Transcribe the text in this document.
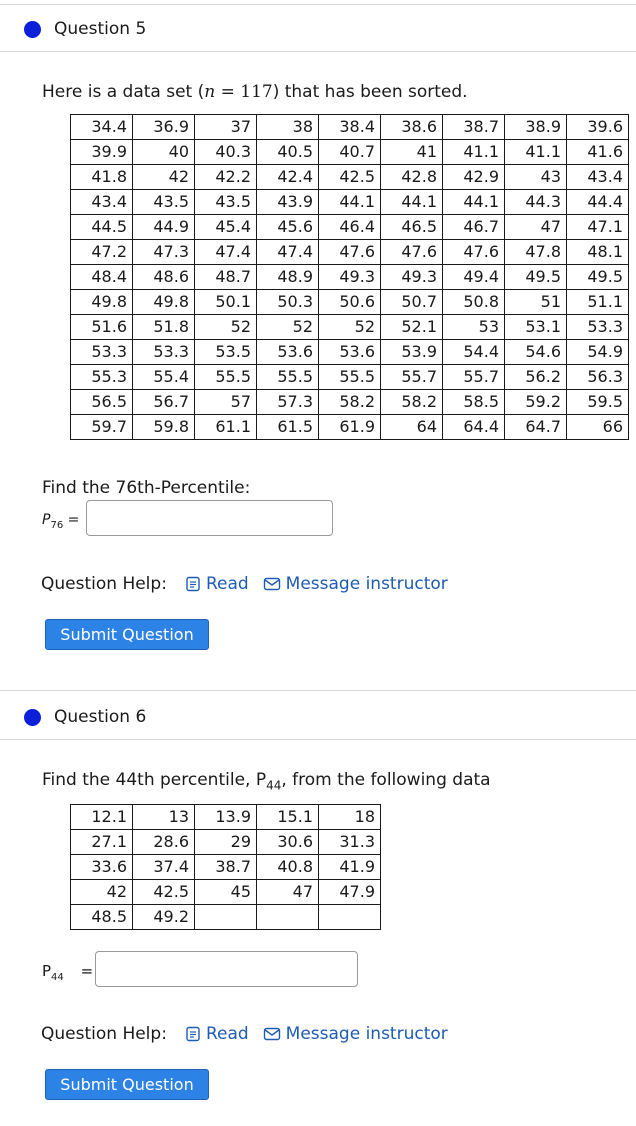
Question 5
Here is a data set (n = 117) that has been sorted.
34.4	36.9	37	38	38.4	38.6	38.7	38.9	39.6
39.9	40	40.3	40.5	40.7	41	41.1	41.1	41.6
41.8	42	42.2	42.4	42.5	42.8	42.9	43	43.4
43.4	43.5	43.5	43.9	44.1	44.1	44.1	44.3	44.4
44.5	44.9	45.4	45.6	46.4	46.5	46.7	47	47.1
47.2	47.3	47.4	47.4	47.6	47.6	47.6	47.8	48.1
48.4	48.6	48.7	48.9	49.3	49.3	49.4	49.5	49.5
49.8	49.8	50.1	50.3	50.6	50.7	50.8	51	51.1
51.6	51.8	52	52	52	52.1	53	53.1	53.3
53.3	53.3	53.5	53.6	53.6	53.9	54.4	54.6	54.9
55.3	55.4	55.5	55.5	55.5	55.7	55.7	56.2	56.3
56.5	56.7	57	57.3	58.2	58.2	58.5	59.2	59.5
59.7	59.8	61.1	61.5	61.9	64	64.4	64.7	66
Find the 76th-Percentile:
$P_{76}$ =
Question Help: Read Message instructor
Submit Question
Question 6
Find the 44th percentile, $P_{44}$, from the following data
12.1	13	13.9	15.1	18
27.1	28.6	29	30.6	31.3
33.6	37.4	38.7	40.8	41.9
42	42.5	45	47	47.9
48.5	49.2			
$P_{44}$ =
Question Help: Read Message instructor
Submit Question
